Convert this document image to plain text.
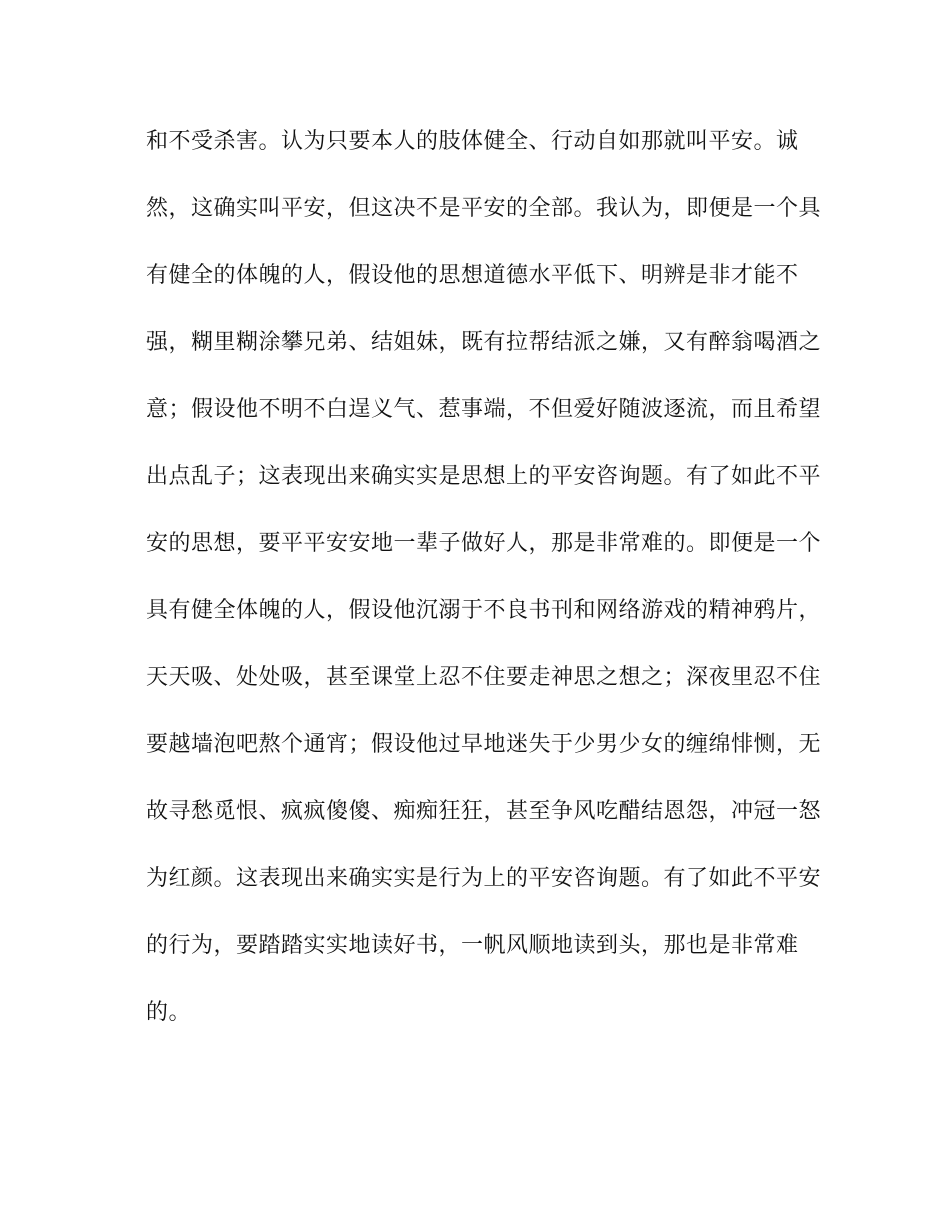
和不受杀害。认为只要本人的肢体健全、行动自如那就叫平安。诚
然，这确实叫平安，但这决不是平安的全部。我认为，即便是一个具
有健全的体魄的人，假设他的思想道德水平低下、明辨是非才能不
强，糊里糊涂攀兄弟、结姐妹，既有拉帮结派之嫌，又有醉翁喝酒之
意；假设他不明不白逞义气、惹事端，不但爱好随波逐流，而且希望
出点乱子；这表现出来确实实是思想上的平安咨询题。有了如此不平
安的思想，要平平安安地一辈子做好人，那是非常难的。即便是一个
具有健全体魄的人，假设他沉溺于不良书刊和网络游戏的精神鸦片，
天天吸、处处吸，甚至课堂上忍不住要走神思之想之；深夜里忍不住
要越墙泡吧熬个通宵；假设他过早地迷失于少男少女的缠绵悱恻，无
故寻愁觅恨、疯疯傻傻、痴痴狂狂，甚至争风吃醋结恩怨，冲冠一怒
为红颜。这表现出来确实实是行为上的平安咨询题。有了如此不平安
的行为，要踏踏实实地读好书，一帆风顺地读到头，那也是非常难
的。
